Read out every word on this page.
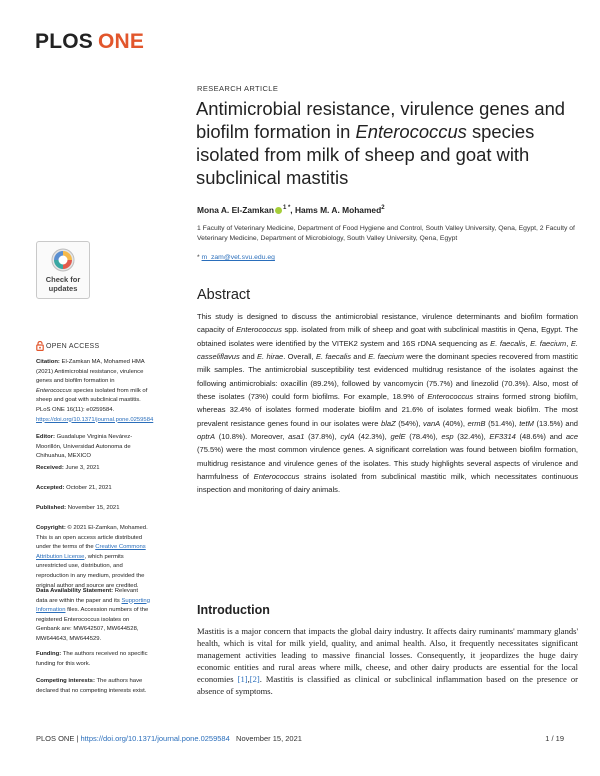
PLOS ONE
RESEARCH ARTICLE
Antimicrobial resistance, virulence genes and biofilm formation in Enterococcus species isolated from milk of sheep and goat with subclinical mastitis
Mona A. El-Zamkan $^{1 *}$, Hams M. A. Mohamed$^2$
1 Faculty of Veterinary Medicine, Department of Food Hygiene and Control, South Valley University, Qena, Egypt, 2 Faculty of Veterinary Medicine, Department of Microbiology, South Valley University, Qena, Egypt
* m_zam@vet.svu.edu.eg
Check for
updates	Abstract
This study is designed to discuss the antimicrobial resistance, virulence determinants and biofilm formation capacity of Enterococcus spp. isolated from milk of sheep and goat with subclinical mastitis in Qena, Egypt. The obtained isolates were identified by the VITEK2 system and 16S rDNA sequencing as E. faecalis, E. faecium, E. casseliflavus and E. hirae. Overall, E. faecalis and E. faecium were the dominant species recovered from mastitic milk samples. The antimicrobial susceptibility test evidenced multidrug resistance of the isolates against the following antimicrobials: oxacillin (89.2%), followed by vancomycin (75.7%) and linezolid (70.3%). Also, most of these isolates (73%) could form biofilms. For example, 18.9% of Enterococcus strains formed strong biofilm, whereas 32.4% of isolates formed moderate biofilm and 21.6% of isolates formed weak biofilm. The most prevalent resistance genes found in our isolates were blaZ (54%), vanA (40%), ermB (51.4%), tetM (13.5%) and optrA (10.8%). Moreover, asa1 (37.8%), cylA (42.3%), gelE (78.4%), esp (32.4%), EF3314 (48.6%) and ace (75.5%) were the most common virulence genes. A significant correlation was found between biofilm formation, multidrug resistance and virulence genes of the isolates. This study highlights several aspects of virulence and harmfulness of Enterococcus strains isolated from subclinical mastitic milk, which necessitates continuous inspection and monitoring of dairy animals.
OPEN ACCESS
Citation: El-Zamkan MA, Mohamed HMA (2021) Antimicrobial resistance, virulence genes and biofilm formation in Enterococcus species isolated from milk of sheep and goat with subclinical mastitis. PLoS ONE 16(11): e0259584. https://doi.org/10.1371/journal.pone.0259584
Editor: Guadalupe Virginia Nevárez-Moorillón, Universidad Autonoma de Chihuahua, MEXICO
Received: June 3, 2021
Accepted: October 21, 2021
Published: November 15, 2021
Copyright: © 2021 El-Zamkan, Mohamed. This is an open access article distributed under the terms of the Creative Commons Attribution License, which permits unrestricted use, distribution, and reproduction in any medium, provided the original author and source are credited.
Data Availability Statement: Relevant data are within the paper and its Supporting Information files. Accession numbers of the registered Enterococcus isolates on Genbank are: MW642507, MW644528, MW644643, MW644529.
Funding: The authors received no specific funding for this work.
Competing interests: The authors have declared that no competing interests exist.
Introduction
Mastitis is a major concern that impacts the global dairy industry. It affects dairy ruminants' mammary glands' health, which is vital for milk yield, quality, and animal health. Also, it frequently necessitates significant management activities leading to massive financial losses. Consequently, it jeopardizes the huge dairy economic entities and rural areas where milk, cheese, and other dairy products are essential for the local economies [1],[2]. Mastitis is classified as clinical or subclinical inflammation based on the presence or absence of symptoms.
PLOS ONE | https://doi.org/10.1371/journal.pone.0259584 November 15, 2021	1 / 19
